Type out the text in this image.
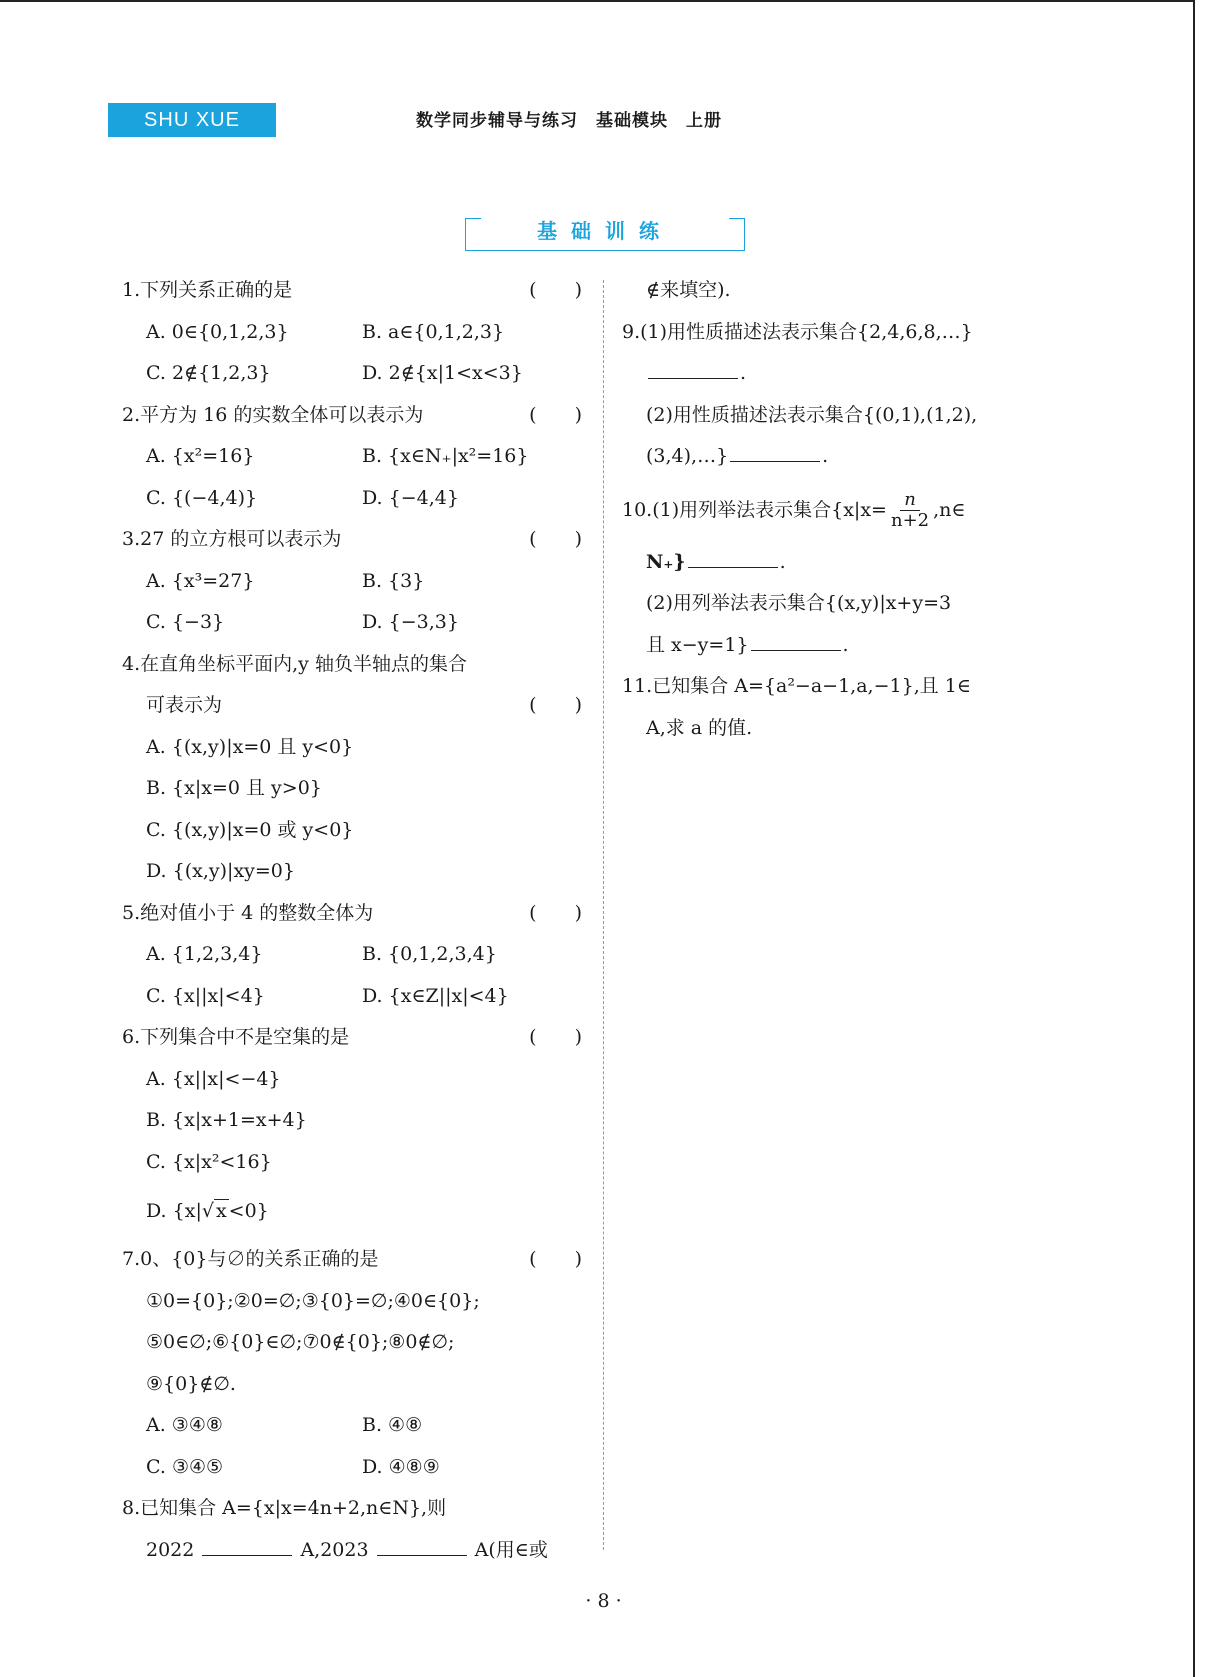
SHU XUE	数学同步辅导与练习　基础模块　上册
基础训练
1.下列关系正确的是	(　　)
A. 0∈{0,1,2,3}	B. a∈{0,1,2,3}
C. 2∉{1,2,3}	D. 2∉{x|1<x<3}
2.平方为 16 的实数全体可以表示为	(　　)
A. {x²=16}	B. {x∈N₊|x²=16}
C. {(−4,4)}	D. {−4,4}
3.27 的立方根可以表示为	(　　)
A. {x³=27}	B. {3}
C. {−3}	D. {−3,3}
4.在直角坐标平面内,y 轴负半轴点的集合
可表示为	(　　)
A. {(x,y)|x=0 且 y<0}
B. {x|x=0 且 y>0}
C. {(x,y)|x=0 或 y<0}
D. {(x,y)|xy=0}
5.绝对值小于 4 的整数全体为	(　　)
A. {1,2,3,4}	B. {0,1,2,3,4}
C. {x||x|<4}	D. {x∈Z||x|<4}
6.下列集合中不是空集的是	(　　)
A. {x||x|<−4}
B. {x|x+1=x+4}
C. {x|x²<16}
D. {x|√ x <0}
7.0、{0}与∅的关系正确的是	(　　)
①0={0};②0=∅;③{0}=∅;④0∈{0};
⑤0∈∅;⑥{0}∈∅;⑦0∉{0};⑧0∉∅;
⑨{0}∉∅.
A. ③④⑧	B. ④⑧
C. ③④⑤	D. ④⑧⑨
8.已知集合 A={x|x=4n+2,n∈N},则
2022	A,2023	A(用∈或
∉来填空).
9.(1)用性质描述法表示集合{2,4,6,8,…}
.
(2)用性质描述法表示集合{(0,1),(1,2),
(3,4),…}	.
10.(1)用列举法表示集合{$x|x= \frac{n}{n+2}$ ,n∈
N₊}	.
(2)用列举法表示集合{(x,y)|x+y=3
且 x−y=1}	.
11.已知集合 A={a²−a−1,a,−1},且 1∈
A,求 a 的值.
· 8 ·
